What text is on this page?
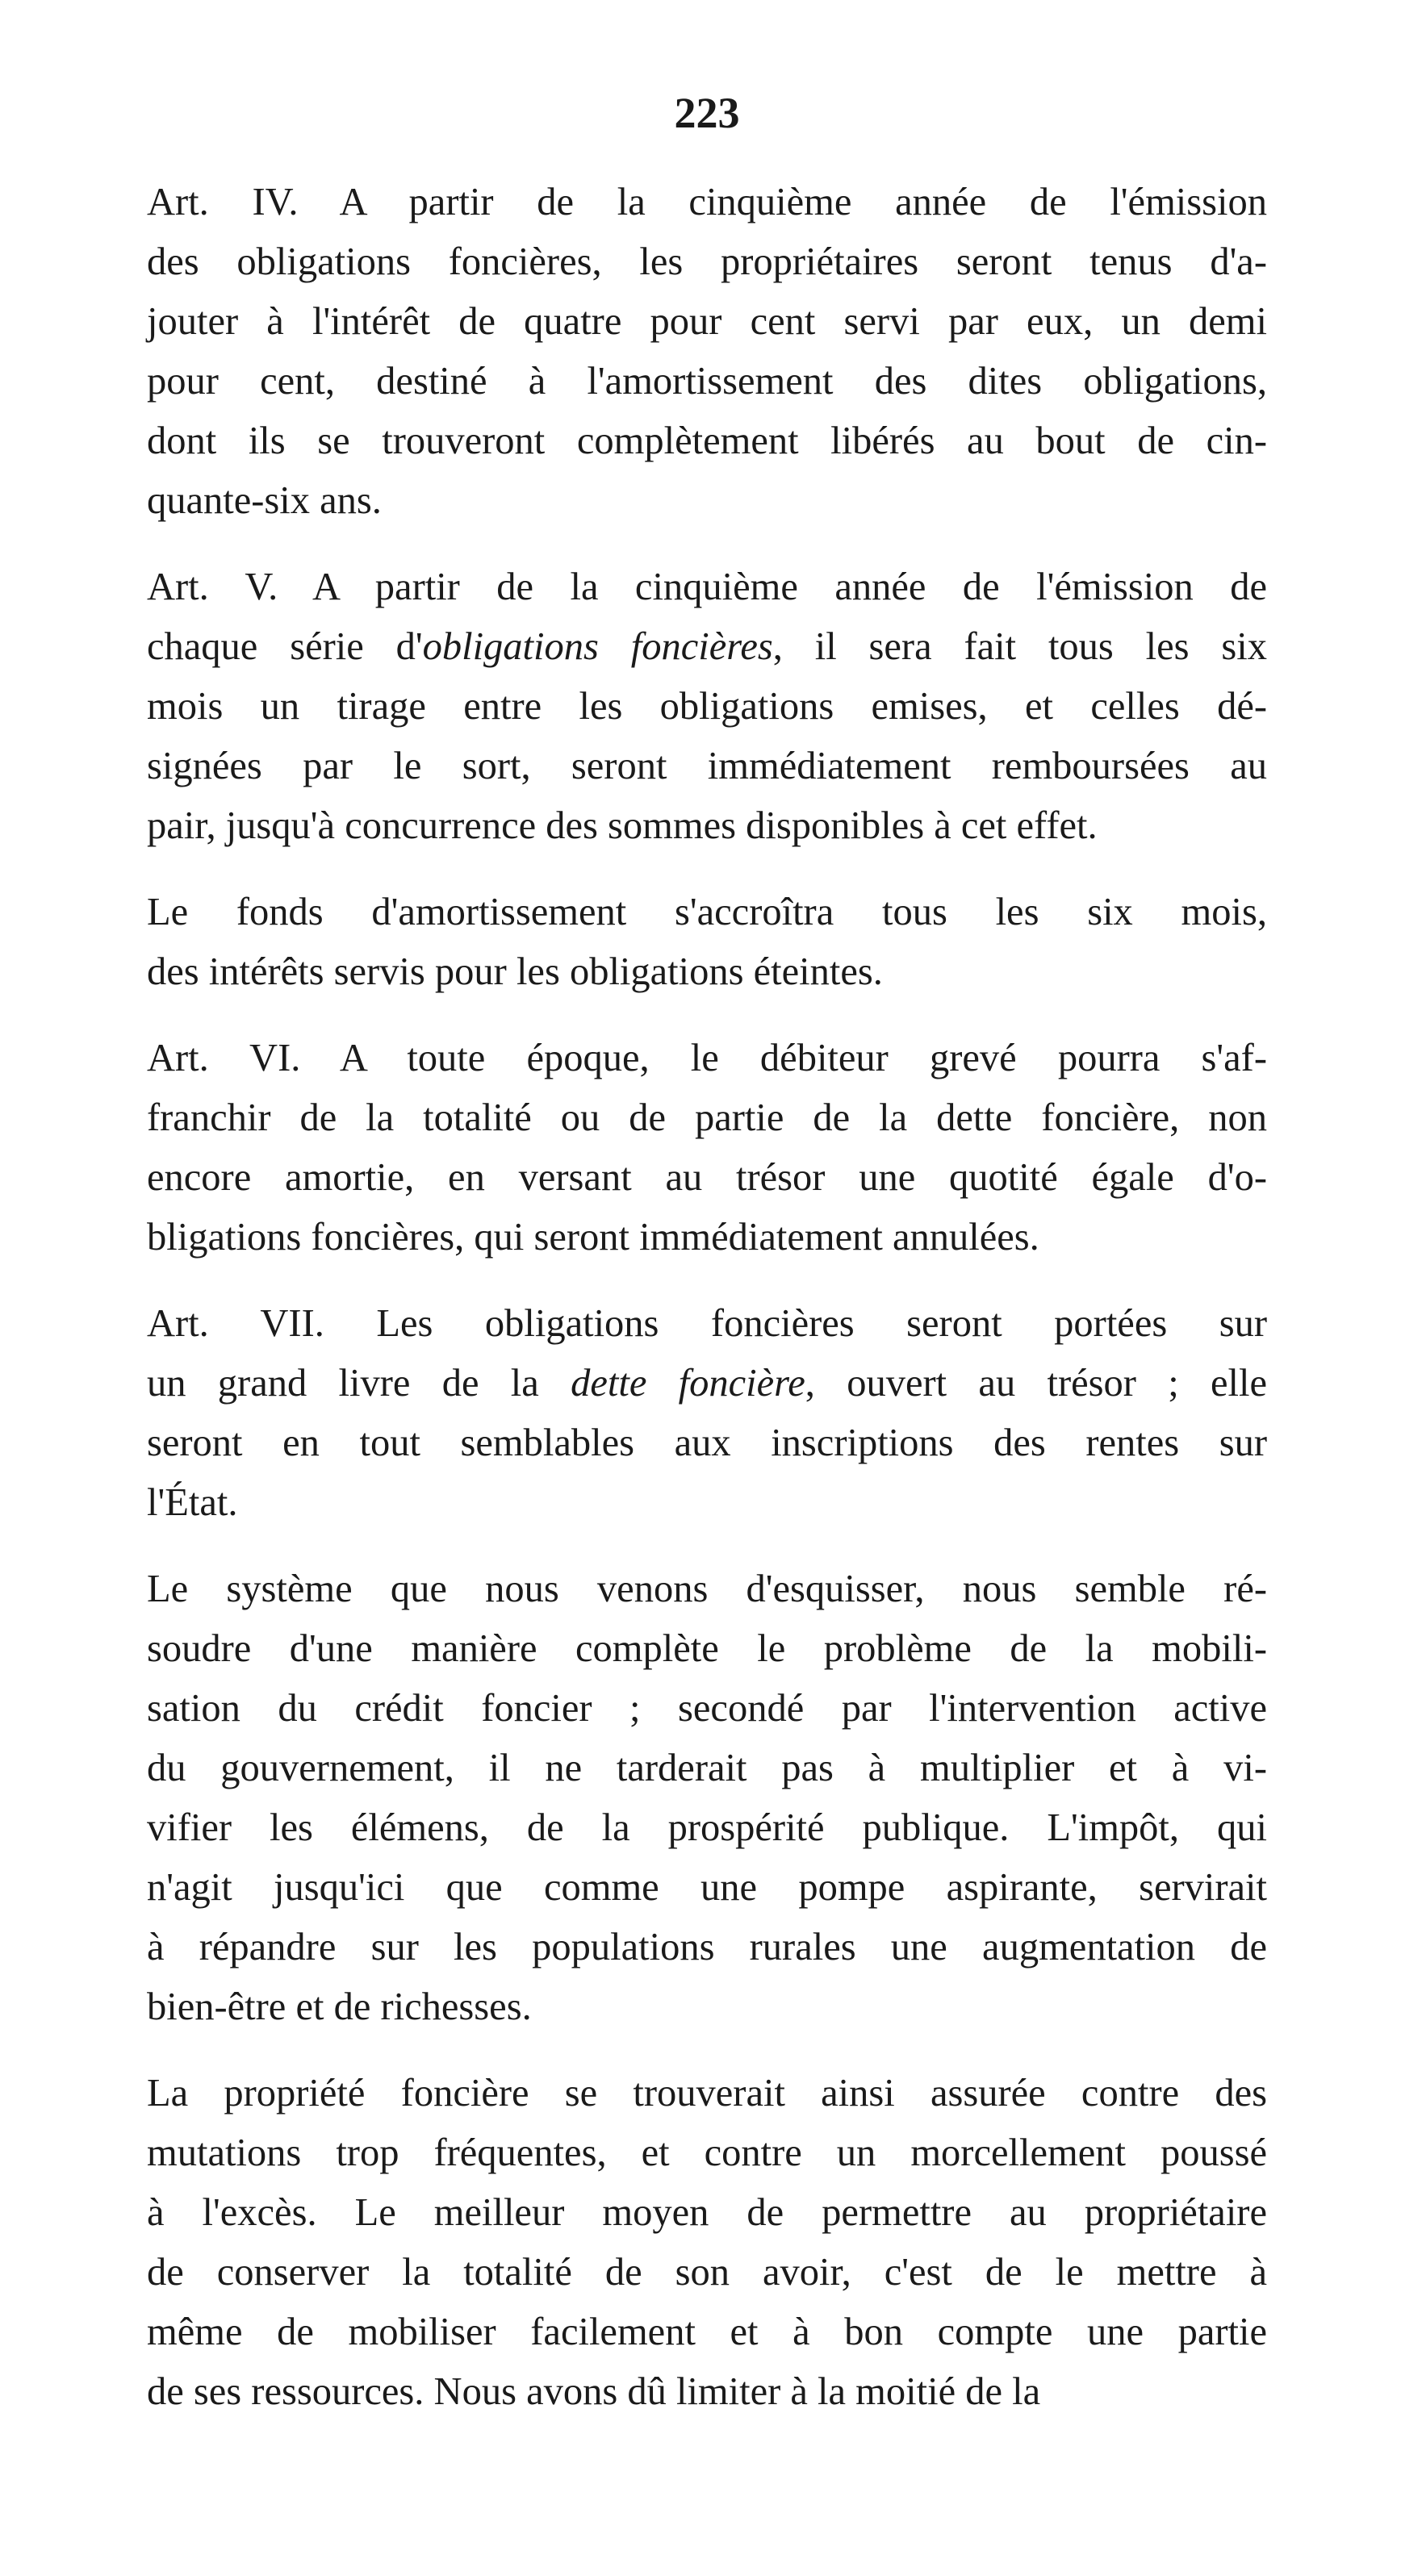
223
Art. IV. A partir de la cinquième année de l'émission
des obligations foncières, les propriétaires seront tenus d'a-
jouter à l'intérêt de quatre pour cent servi par eux, un demi
pour cent, destiné à l'amortissement des dites obligations,
dont ils se trouveront complètement libérés au bout de cin-
quante-six ans.
Art. V. A partir de la cinquième année de l'émission de
chaque série d'obligations foncières, il sera fait tous les six
mois un tirage entre les obligations emises, et celles dé-
signées par le sort, seront immédiatement remboursées au
pair, jusqu'à concurrence des sommes disponibles à cet effet.
Le fonds d'amortissement s'accroîtra tous les six mois,
des intérêts servis pour les obligations éteintes.
Art. VI. A toute époque, le débiteur grevé pourra s'af-
franchir de la totalité ou de partie de la dette foncière, non
encore amortie, en versant au trésor une quotité égale d'o-
bligations foncières, qui seront immédiatement annulées.
Art. VII. Les obligations foncières seront portées sur
un grand livre de la dette foncière, ouvert au trésor ; elle
seront en tout semblables aux inscriptions des rentes sur
l'État.
Le système que nous venons d'esquisser, nous semble ré-
soudre d'une manière complète le problème de la mobili-
sation du crédit foncier ; secondé par l'intervention active
du gouvernement, il ne tarderait pas à multiplier et à vi-
vifier les élémens, de la prospérité publique. L'impôt, qui
n'agit jusqu'ici que comme une pompe aspirante, servirait
à répandre sur les populations rurales une augmentation de
bien-être et de richesses.
La propriété foncière se trouverait ainsi assurée contre des
mutations trop fréquentes, et contre un morcellement poussé
à l'excès. Le meilleur moyen de permettre au propriétaire
de conserver la totalité de son avoir, c'est de le mettre à
même de mobiliser facilement et à bon compte une partie
de ses ressources. Nous avons dû limiter à la moitié de la
